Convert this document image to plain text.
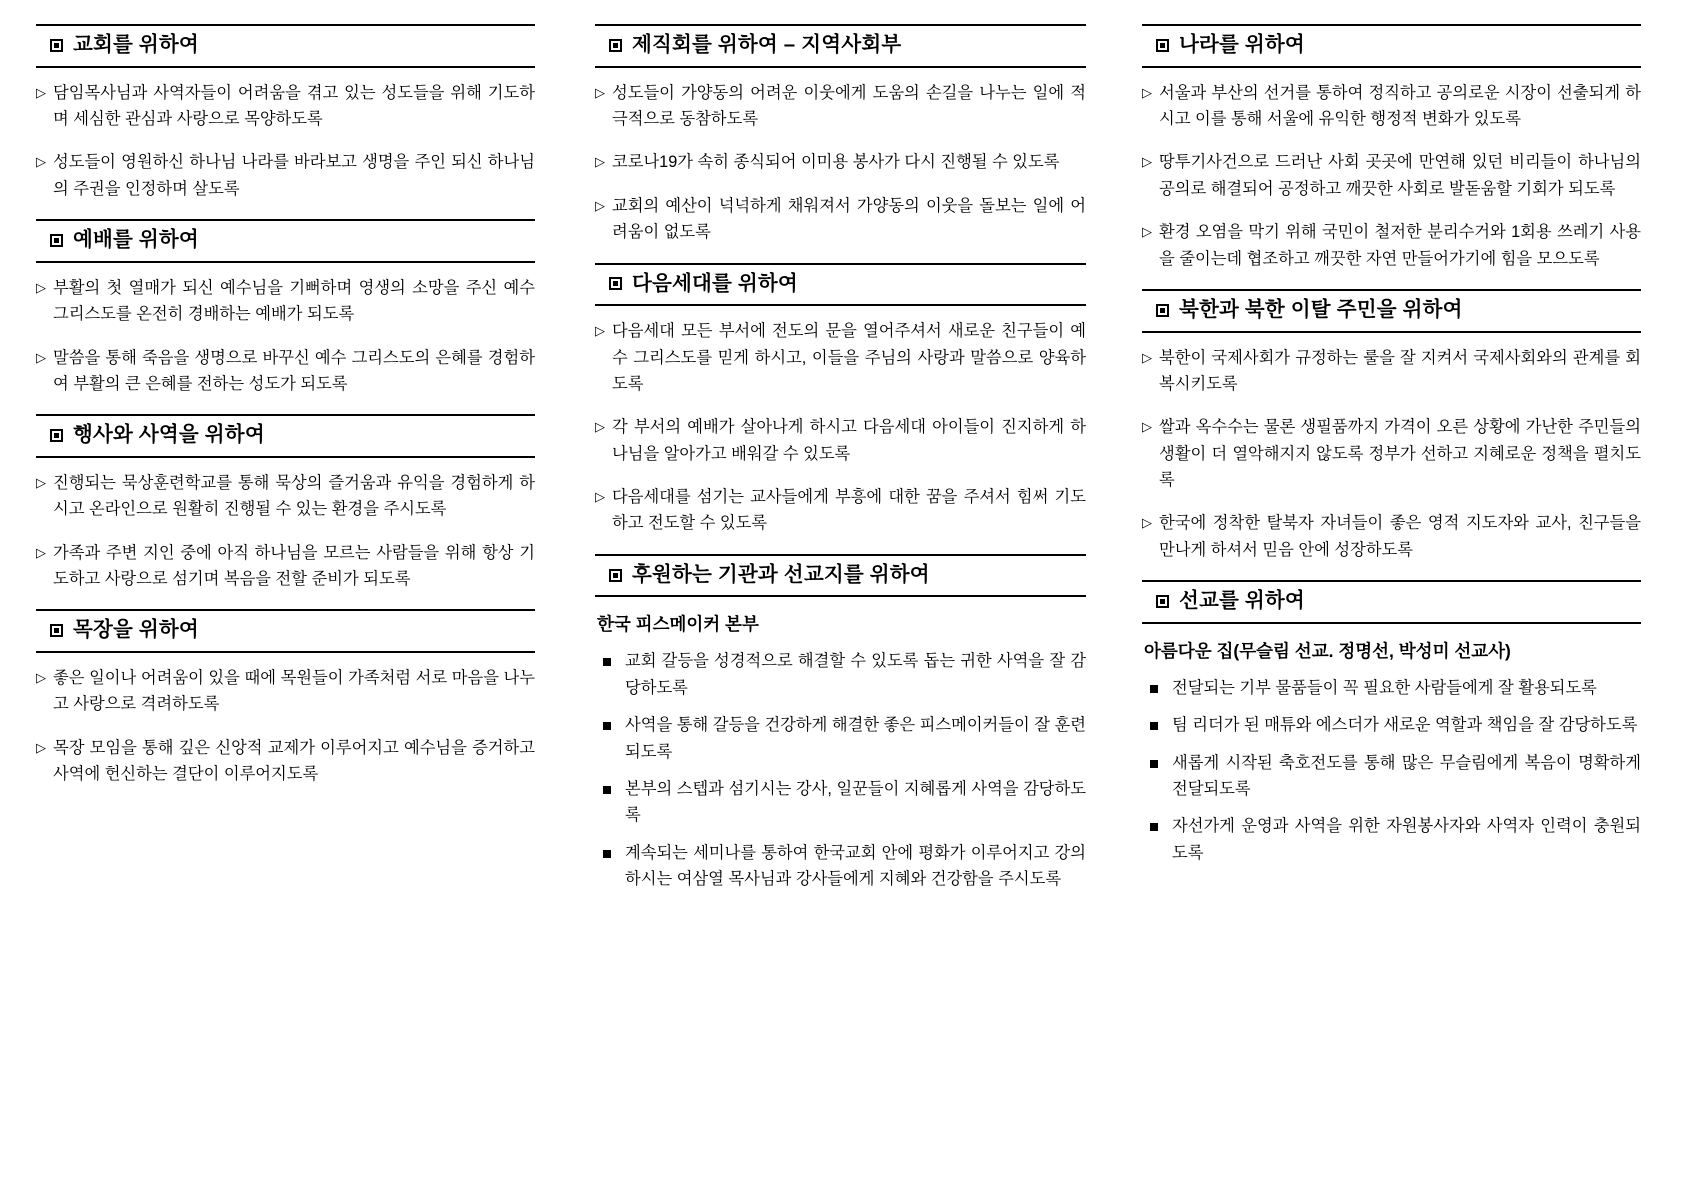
교회를 위하여
▷ 담임목사님과 사역자들이 어려움을 겪고 있는 성도들을 위해 기도하며 세심한 관심과 사랑으로 목양하도록
▷ 성도들이 영원하신 하나님 나라를 바라보고 생명을 주인 되신 하나님의 주권을 인정하며 살도록
예배를 위하여
▷ 부활의 첫 열매가 되신 예수님을 기뻐하며 영생의 소망을 주신 예수 그리스도를 온전히 경배하는 예배가 되도록
▷ 말씀을 통해 죽음을 생명으로 바꾸신 예수 그리스도의 은혜를 경험하여 부활의 큰 은혜를 전하는 성도가 되도록
행사와 사역을 위하여
▷ 진행되는 묵상훈련학교를 통해 묵상의 즐거움과 유익을 경험하게 하시고 온라인으로 원활히 진행될 수 있는 환경을 주시도록
▷ 가족과 주변 지인 중에 아직 하나님을 모르는 사람들을 위해 항상 기도하고 사랑으로 섬기며 복음을 전할 준비가 되도록
목장을 위하여
▷ 좋은 일이나 어려움이 있을 때에 목원들이 가족처럼 서로 마음을 나누고 사랑으로 격려하도록
▷ 목장 모임을 통해 깊은 신앙적 교제가 이루어지고 예수님을 증거하고 사역에 헌신하는 결단이 이루어지도록
제직회를 위하여 – 지역사회부
▷ 성도들이 가양동의 어려운 이웃에게 도움의 손길을 나누는 일에 적극적으로 동참하도록
▷ 코로나19가 속히 종식되어 이미용 봉사가 다시 진행될 수 있도록
▷ 교회의 예산이 넉넉하게 채워져서 가양동의 이웃을 돌보는 일에 어려움이 없도록
다음세대를 위하여
▷ 다음세대 모든 부서에 전도의 문을 열어주셔서 새로운 친구들이 예수 그리스도를 믿게 하시고, 이들을 주님의 사랑과 말씀으로 양육하도록
▷ 각 부서의 예배가 살아나게 하시고 다음세대 아이들이 진지하게 하나님을 알아가고 배워갈 수 있도록
▷ 다음세대를 섬기는 교사들에게 부흥에 대한 꿈을 주셔서 힘써 기도하고 전도할 수 있도록
후원하는 기관과 선교지를 위하여
한국 피스메이커 본부
교회 갈등을 성경적으로 해결할 수 있도록 돕는 귀한 사역을 잘 감당하도록
사역을 통해 갈등을 건강하게 해결한 좋은 피스메이커들이 잘 훈련되도록
본부의 스텝과 섬기시는 강사, 일꾼들이 지혜롭게 사역을 감당하도록
계속되는 세미나를 통하여 한국교회 안에 평화가 이루어지고 강의하시는 여삼열 목사님과 강사들에게 지혜와 건강함을 주시도록
나라를 위하여
▷ 서울과 부산의 선거를 통하여 정직하고 공의로운 시장이 선출되게 하시고 이를 통해 서울에 유익한 행정적 변화가 있도록
▷ 땅투기사건으로 드러난 사회 곳곳에 만연해 있던 비리들이 하나님의 공의로 해결되어 공정하고 깨끗한 사회로 발돋움할 기회가 되도록
▷ 환경 오염을 막기 위해 국민이 철저한 분리수거와 1회용 쓰레기 사용을 줄이는데 협조하고 깨끗한 자연 만들어가기에 힘을 모으도록
북한과 북한 이탈 주민을 위하여
▷ 북한이 국제사회가 규정하는 룰을 잘 지켜서 국제사회와의 관계를 회복시키도록
▷ 쌀과 옥수수는 물론 생필품까지 가격이 오른 상황에 가난한 주민들의 생활이 더 열악해지지 않도록 정부가 선하고 지혜로운 정책을 펼치도록
▷ 한국에 정착한 탈북자 자녀들이 좋은 영적 지도자와 교사, 친구들을 만나게 하셔서 믿음 안에 성장하도록
선교를 위하여
아름다운 집(무슬림 선교. 정명선, 박성미 선교사)
전달되는 기부 물품들이 꼭 필요한 사람들에게 잘 활용되도록
팀 리더가 된 매튜와 에스더가 새로운 역할과 책임을 잘 감당하도록
새롭게 시작된 축호전도를 통해 많은 무슬림에게 복음이 명확하게 전달되도록
자선가게 운영과 사역을 위한 자원봉사자와 사역자 인력이 충원되도록
